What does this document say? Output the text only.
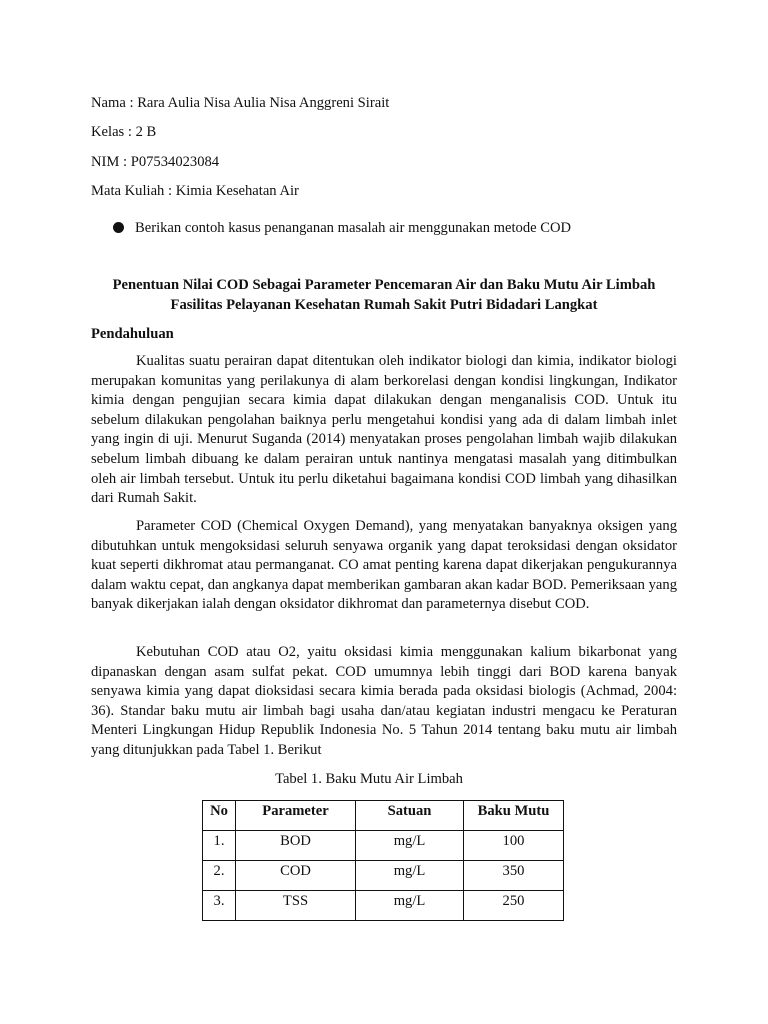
Nama : Rara Aulia Nisa Aulia Nisa Anggreni Sirait
Kelas : 2 B
NIM : P07534023084
Mata Kuliah : Kimia Kesehatan Air
Berikan contoh kasus penanganan masalah air menggunakan metode COD
Penentuan Nilai COD Sebagai Parameter Pencemaran Air dan Baku Mutu Air Limbah
Fasilitas Pelayanan Kesehatan Rumah Sakit Putri Bidadari Langkat
Pendahuluan

Kualitas suatu perairan dapat ditentukan oleh indikator biologi dan kimia, indikator biologi merupakan komunitas yang perilakunya di alam berkorelasi dengan kondisi lingkungan, Indikator kimia dengan pengujian secara kimia dapat dilakukan dengan menganalisis COD. Untuk itu sebelum dilakukan pengolahan baiknya perlu mengetahui kondisi yang ada di dalam limbah inlet yang ingin di uji. Menurut Suganda (2014) menyatakan proses pengolahan limbah wajib dilakukan sebelum limbah dibuang ke dalam perairan untuk nantinya mengatasi masalah yang ditimbulkan oleh air limbah tersebut. Untuk itu perlu diketahui bagaimana kondisi COD limbah yang dihasilkan dari Rumah Sakit.

Parameter COD (Chemical Oxygen Demand), yang menyatakan banyaknya oksigen yang dibutuhkan untuk mengoksidasi seluruh senyawa organik yang dapat teroksidasi dengan oksidator kuat seperti dikhromat atau permanganat. CO amat penting karena dapat dikerjakan pengukurannya dalam waktu cepat, dan angkanya dapat memberikan gambaran akan kadar BOD. Pemeriksaan yang banyak dikerjakan ialah dengan oksidator dikhromat dan parameternya disebut COD.

Kebutuhan COD atau O2, yaitu oksidasi kimia menggunakan kalium bikarbonat yang dipanaskan dengan asam sulfat pekat. COD umumnya lebih tinggi dari BOD karena banyak senyawa kimia yang dapat dioksidasi secara kimia berada pada oksidasi biologis (Achmad, 2004: 36). Standar baku mutu air limbah bagi usaha dan/atau kegiatan industri mengacu ke Peraturan Menteri Lingkungan Hidup Republik Indonesia No. 5 Tahun 2014 tentang baku mutu air limbah yang ditunjukkan pada Tabel 1. Berikut

Tabel 1. Baku Mutu Air Limbah
No	Parameter	Satuan	Baku Mutu
1.	BOD	mg/L	100
2.	COD	mg/L	350
3.	TSS	mg/L	250
